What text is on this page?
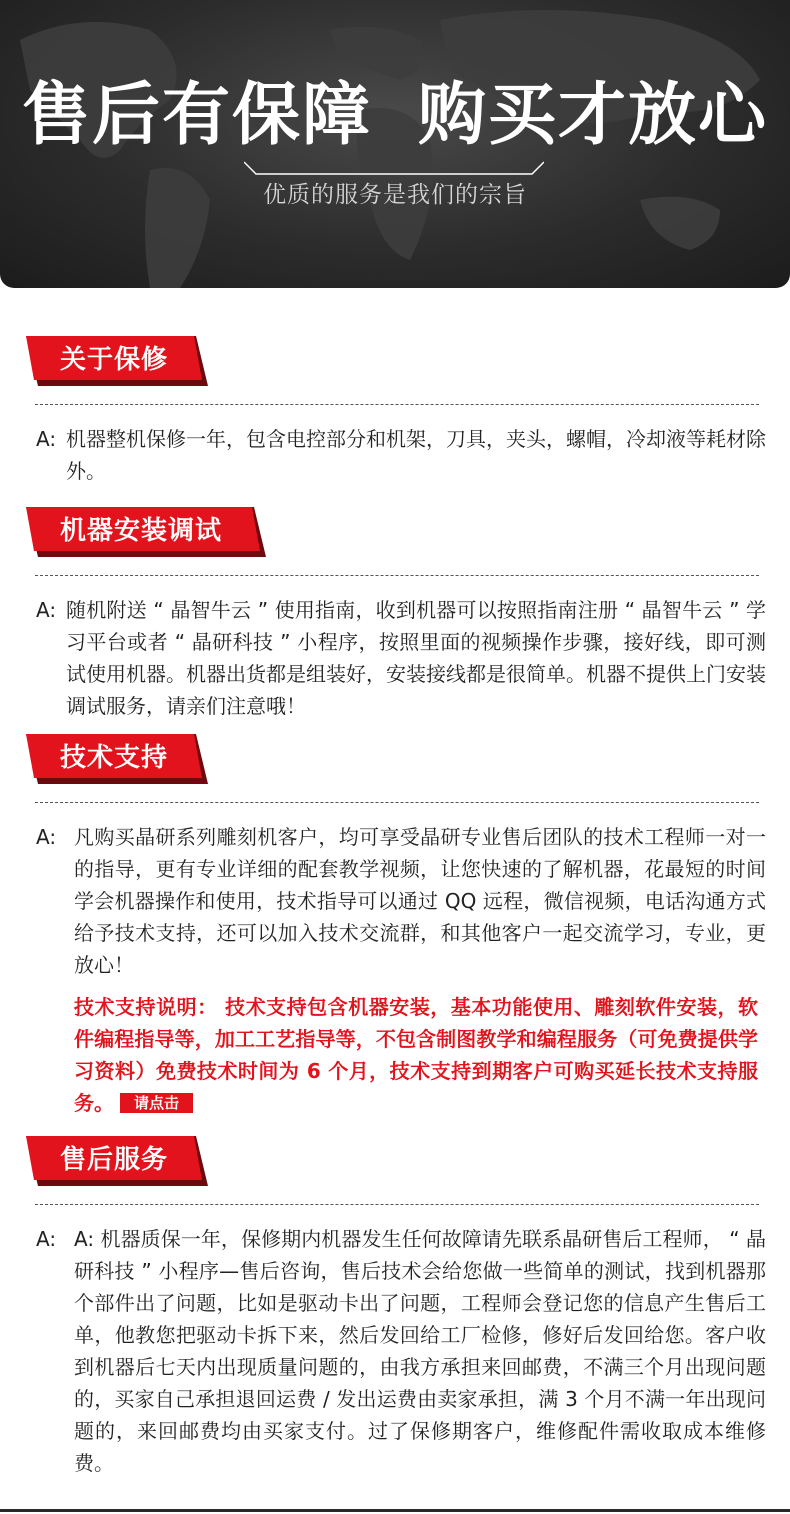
售后有保障 购买才放心
优质的服务是我们的宗旨
关于保修
A: 机器整机保修一年，包含电控部分和机架，刀具，夹头，螺帽，冷却液等耗材除外。
机器安装调试
A: 随机附送 “ 晶智牛云 ” 使用指南，收到机器可以按照指南注册 “ 晶智牛云 ” 学习平台或者 “ 晶研科技 ” 小程序，按照里面的视频操作步骤，接好线，即可测试使用机器。机器出货都是组装好，安装接线都是很简单。机器不提供上门安装调试服务，请亲们注意哦！
技术支持
A: 凡购买晶研系列雕刻机客户，均可享受晶研专业售后团队的技术工程师一对一的指导，更有专业详细的配套教学视频，让您快速的了解机器，花最短的时间学会机器操作和使用，技术指导可以通过 QQ 远程，微信视频，电话沟通方式给予技术支持，还可以加入技术交流群，和其他客户一起交流学习，专业，更放心！
技术支持说明： 技术支持包含机器安装，基本功能使用、雕刻软件安装，软件编程指导等，加工工艺指导等，不包含制图教学和编程服务（可免费提供学习资料）免费技术时间为 6 个月，技术支持到期客户可购买延长技术支持服务。 请点击
售后服务
A: A: 机器质保一年，保修期内机器发生任何故障请先联系晶研售后工程师， “ 晶研科技 ” 小程序—售后咨询，售后技术会给您做一些简单的测试，找到机器那个部件出了问题，比如是驱动卡出了问题，工程师会登记您的信息产生售后工单，他教您把驱动卡拆下来，然后发回给工厂检修，修好后发回给您。客户收到机器后七天内出现质量问题的，由我方承担来回邮费，不满三个月出现问题的，买家自己承担退回运费 / 发出运费由卖家承担，满 3 个月不满一年出现问题的，来回邮费均由买家支付。过了保修期客户，维修配件需收取成本维修费。
